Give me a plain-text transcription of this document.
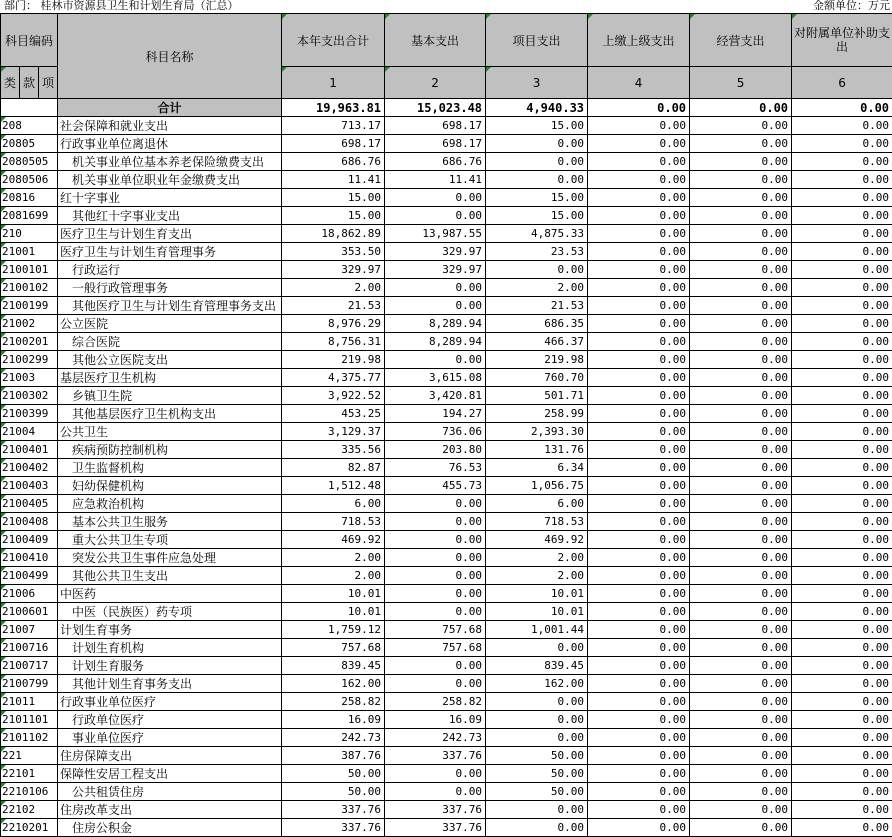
部门： 桂林市资源县卫生和计划生育局（汇总）	金额单位：万元
科目编码			科目名称	本年支出合计	基本支出	项目支出	上缴上级支出	经营支出	对附属单位补助支出
类	款	项		1	2	3	4	5	6
			合计	19,963.81	15,023.48	4,940.33	0.00	0.00	0.00
208			社会保障和就业支出	713.17	698.17	15.00	0.00	0.00	0.00
20805			行政事业单位离退休	698.17	698.17	0.00	0.00	0.00	0.00
2080505			机关事业单位基本养老保险缴费支出	686.76	686.76	0.00	0.00	0.00	0.00
2080506			机关事业单位职业年金缴费支出	11.41	11.41	0.00	0.00	0.00	0.00
20816			红十字事业	15.00	0.00	15.00	0.00	0.00	0.00
2081699			其他红十字事业支出	15.00	0.00	15.00	0.00	0.00	0.00
210			医疗卫生与计划生育支出	18,862.89	13,987.55	4,875.33	0.00	0.00	0.00
21001			医疗卫生与计划生育管理事务	353.50	329.97	23.53	0.00	0.00	0.00
2100101			行政运行	329.97	329.97	0.00	0.00	0.00	0.00
2100102			一般行政管理事务	2.00	0.00	2.00	0.00	0.00	0.00
2100199			其他医疗卫生与计划生育管理事务支出	21.53	0.00	21.53	0.00	0.00	0.00
21002			公立医院	8,976.29	8,289.94	686.35	0.00	0.00	0.00
2100201			综合医院	8,756.31	8,289.94	466.37	0.00	0.00	0.00
2100299			其他公立医院支出	219.98	0.00	219.98	0.00	0.00	0.00
21003			基层医疗卫生机构	4,375.77	3,615.08	760.70	0.00	0.00	0.00
2100302			乡镇卫生院	3,922.52	3,420.81	501.71	0.00	0.00	0.00
2100399			其他基层医疗卫生机构支出	453.25	194.27	258.99	0.00	0.00	0.00
21004			公共卫生	3,129.37	736.06	2,393.30	0.00	0.00	0.00
2100401			疾病预防控制机构	335.56	203.80	131.76	0.00	0.00	0.00
2100402			卫生监督机构	82.87	76.53	6.34	0.00	0.00	0.00
2100403			妇幼保健机构	1,512.48	455.73	1,056.75	0.00	0.00	0.00
2100405			应急救治机构	6.00	0.00	6.00	0.00	0.00	0.00
2100408			基本公共卫生服务	718.53	0.00	718.53	0.00	0.00	0.00
2100409			重大公共卫生专项	469.92	0.00	469.92	0.00	0.00	0.00
2100410			突发公共卫生事件应急处理	2.00	0.00	2.00	0.00	0.00	0.00
2100499			其他公共卫生支出	2.00	0.00	2.00	0.00	0.00	0.00
21006			中医药	10.01	0.00	10.01	0.00	0.00	0.00
2100601			中医（民族医）药专项	10.01	0.00	10.01	0.00	0.00	0.00
21007			计划生育事务	1,759.12	757.68	1,001.44	0.00	0.00	0.00
2100716			计划生育机构	757.68	757.68	0.00	0.00	0.00	0.00
2100717			计划生育服务	839.45	0.00	839.45	0.00	0.00	0.00
2100799			其他计划生育事务支出	162.00	0.00	162.00	0.00	0.00	0.00
21011			行政事业单位医疗	258.82	258.82	0.00	0.00	0.00	0.00
2101101			行政单位医疗	16.09	16.09	0.00	0.00	0.00	0.00
2101102			事业单位医疗	242.73	242.73	0.00	0.00	0.00	0.00
221			住房保障支出	387.76	337.76	50.00	0.00	0.00	0.00
22101			保障性安居工程支出	50.00	0.00	50.00	0.00	0.00	0.00
2210106			公共租赁住房	50.00	0.00	50.00	0.00	0.00	0.00
22102			住房改革支出	337.76	337.76	0.00	0.00	0.00	0.00
2210201			住房公积金	337.76	337.76	0.00	0.00	0.00	0.00
